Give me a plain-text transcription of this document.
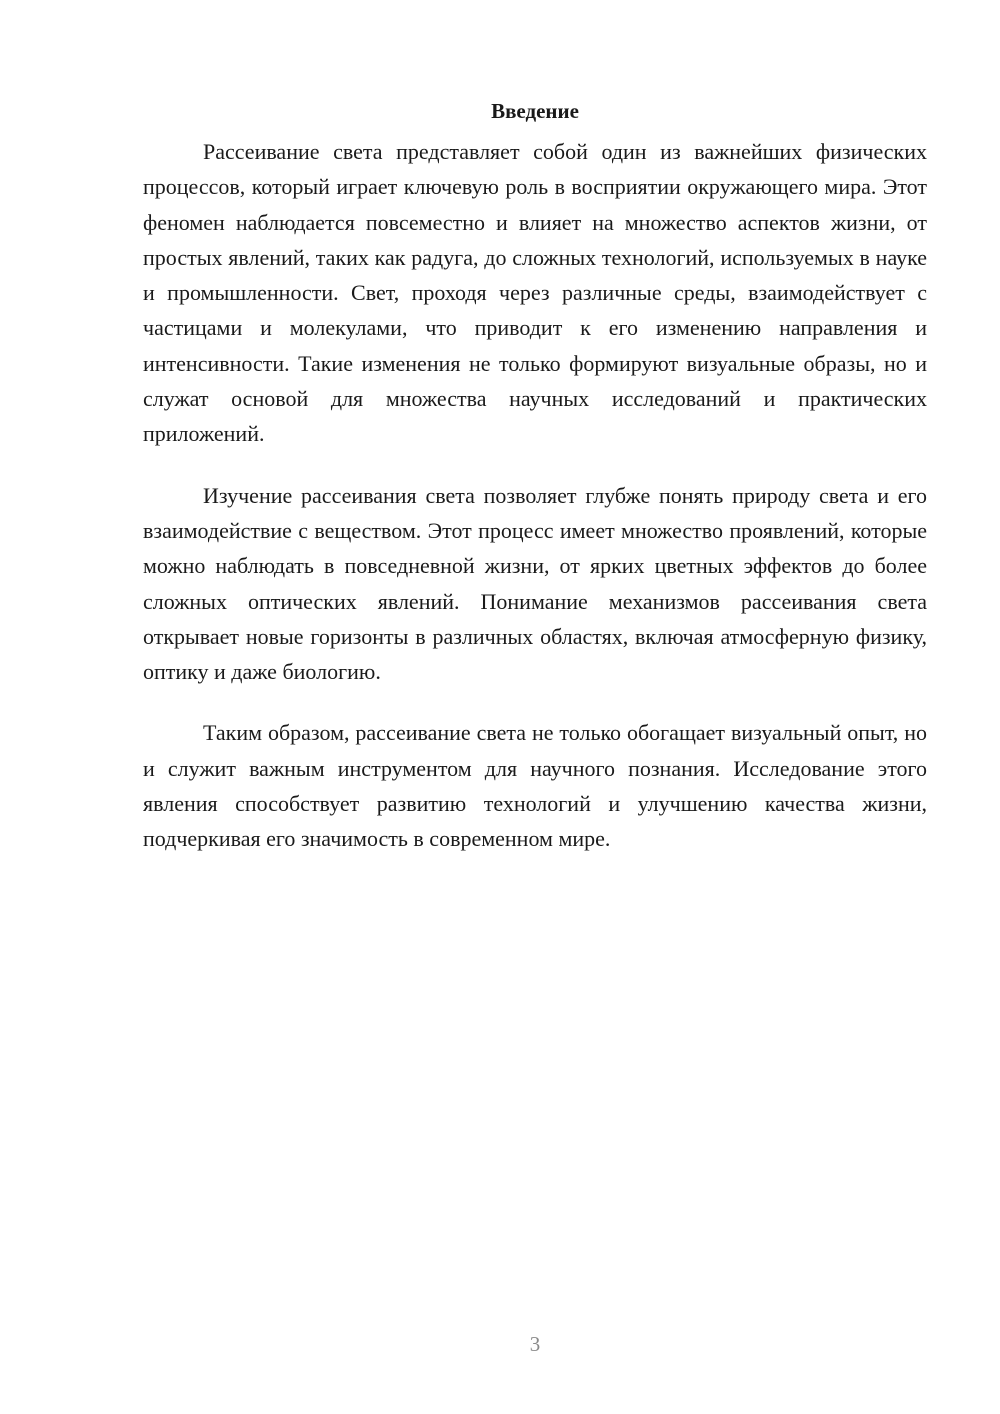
Введение

Рассеивание света представляет собой один из важнейших физических процессов, который играет ключевую роль в восприятии окружающего мира. Этот феномен наблюдается повсеместно и влияет на множество аспектов жизни, от простых явлений, таких как радуга, до сложных технологий, используемых в науке и промышленности. Свет, проходя через различные среды, взаимодействует с частицами и молекулами, что приводит к его изменению направления и интенсивности. Такие изменения не только формируют визуальные образы, но и служат основой для множества научных исследований и практических приложений.

Изучение рассеивания света позволяет глубже понять природу света и его взаимодействие с веществом. Этот процесс имеет множество проявлений, которые можно наблюдать в повседневной жизни, от ярких цветных эффектов до более сложных оптических явлений. Понимание механизмов рассеивания света открывает новые горизонты в различных областях, включая атмосферную физику, оптику и даже биологию.

Таким образом, рассеивание света не только обогащает визуальный опыт, но и служит важным инструментом для научного познания. Исследование этого явления способствует развитию технологий и улучшению качества жизни, подчеркивая его значимость в современном мире.

3
